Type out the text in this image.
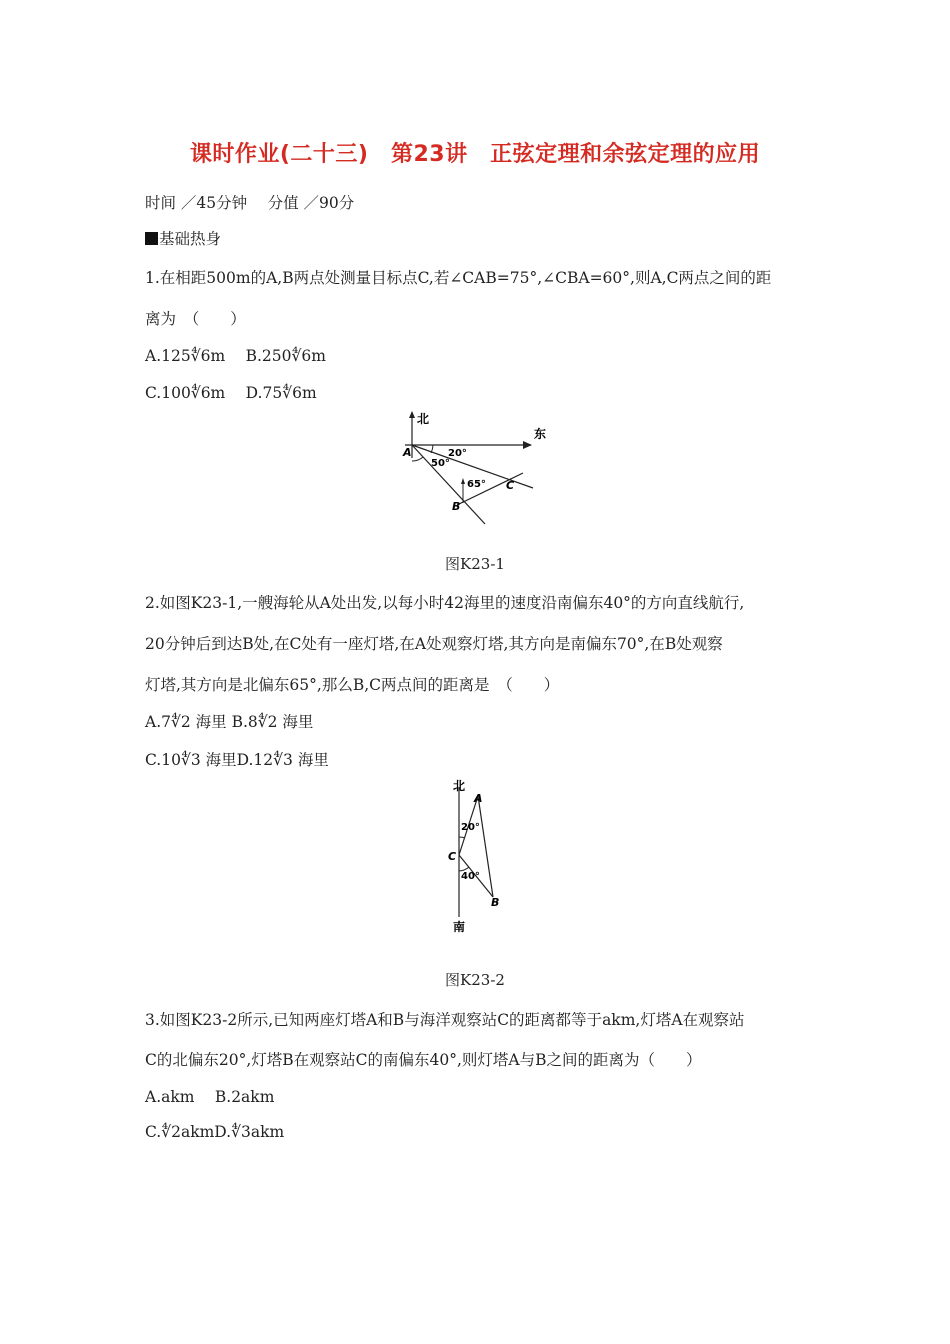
课时作业(二十三)　第23讲　正弦定理和余弦定理的应用
时间 ／45分钟　 分值 ／90分
基础热身
1.在相距500m的A,B两点处测量目标点C,若∠CAB=75°,∠CBA=60°,则A,C两点之间的距
离为　（　　）
A.125∜6m　 B.250∜6m
C.100∜6m　 D.75∜6m
北
东
A	20°
50°
65° C
B
图K23-1
2.如图K23-1,一艘海轮从A处出发,以每小时42海里的速度沿南偏东40°的方向直线航行,
20分钟后到达B处,在C处有一座灯塔,在A处观察灯塔,其方向是南偏东70°,在B处观察
灯塔,其方向是北偏东65°,那么B,C两点间的距离是　（　　）
A.7∜2 海里 B.8∜2 海里
C.10∜3 海里D.12∜3 海里
北
A
20°
C
40°
B
南
图K23-2
3.如图K23-2所示,已知两座灯塔A和B与海洋观察站C的距离都等于akm,灯塔A在观察站
C的北偏东20°,灯塔B在观察站C的南偏东40°,则灯塔A与B之间的距离为（　　）
A.akm　 B.2akm
C.∜2akmD.∜3akm
